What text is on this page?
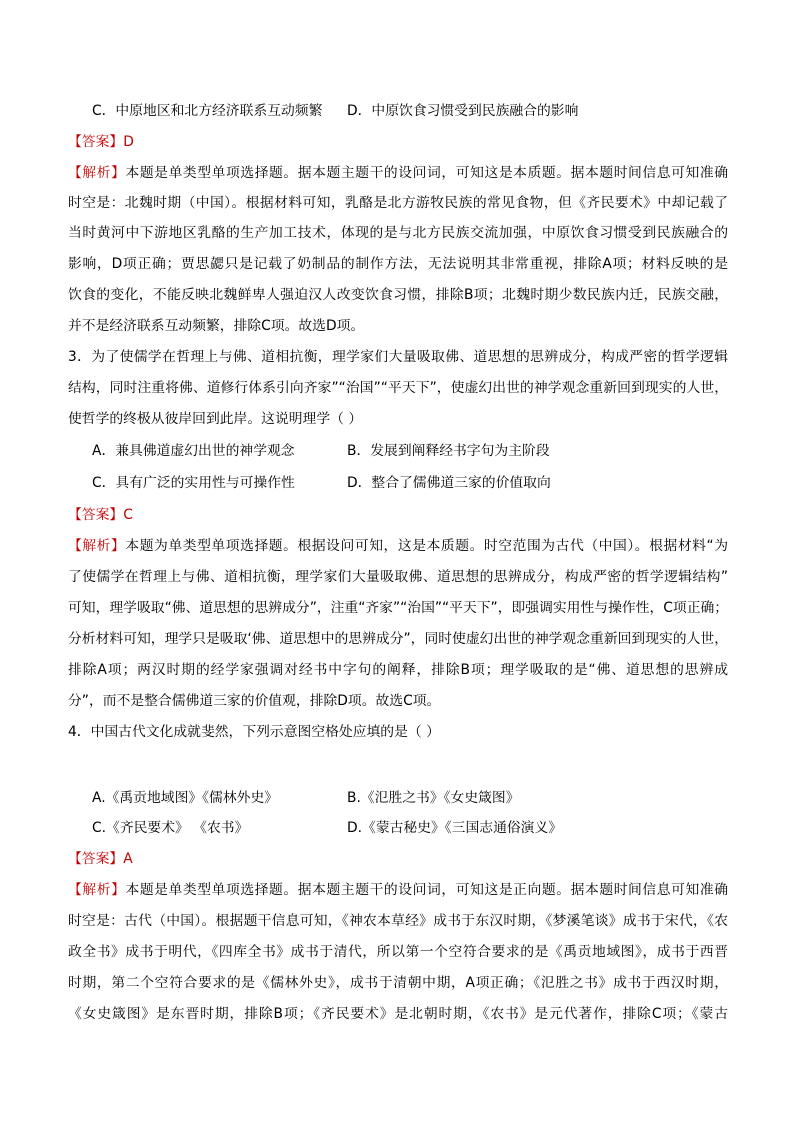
C．中原地区和北方经济联系互动频繁 D．中原饮食习惯受到民族融合的影响
【答案】D
【解析】本题是单类型单项选择题。据本题主题干的设问词，可知这是本质题。据本题时间信息可知准确
时空是：北魏时期（中国）。根据材料可知，乳酪是北方游牧民族的常见食物，但《齐民要术》中却记载了
当时黄河中下游地区乳酪的生产加工技术，体现的是与北方民族交流加强，中原饮食习惯受到民族融合的
影响，D项正确；贾思勰只是记载了奶制品的制作方法，无法说明其非常重视，排除A项；材料反映的是
饮食的变化，不能反映北魏鲜卑人强迫汉人改变饮食习惯，排除B项；北魏时期少数民族内迁，民族交融，
并不是经济联系互动频繁，排除C项。故选D项。
3．为了使儒学在哲理上与佛、道相抗衡，理学家们大量吸取佛、道思想的思辨成分，构成严密的哲学逻辑
结构，同时注重将佛、道修行体系引向齐家”“治国”“平天下”，使虚幻出世的神学观念重新回到现实的人世，
使哲学的终极从彼岸回到此岸。这说明理学（ ）
A．兼具佛道虚幻出世的神学观念	B．发展到阐释经书字句为主阶段
C．具有广泛的实用性与可操作性	D．整合了儒佛道三家的价值取向
【答案】C
【解析】本题为单类型单项选择题。根据设问可知，这是本质题。时空范围为古代（中国）。根据材料“为
了使儒学在哲理上与佛、道相抗衡，理学家们大量吸取佛、道思想的思辨成分，构成严密的哲学逻辑结构”
可知，理学吸取“佛、道思想的思辨成分”，注重“齐家”“治国”“平天下”，即强调实用性与操作性，C项正确；
分析材料可知，理学只是吸取‘佛、道思想中的思辨成分”，同时使虚幻出世的神学观念重新回到现实的人世，
排除A项；两汉时期的经学家强调对经书中字句的阐释，排除B项；理学吸取的是“佛、道思想的思辨成
分”，而不是整合儒佛道三家的价值观，排除D项。故选C项。
4．中国古代文化成就斐然，下列示意图空格处应填的是（ ）
A.《禹贡地域图》《儒林外史》	B.《氾胜之书》《女史箴图》
C.《齐民要术》 《农书》	D.《蒙古秘史》《三国志通俗演义》
【答案】A
【解析】本题是单类型单项选择题。据本题主题干的设问词，可知这是正向题。据本题时间信息可知准确
时空是：古代（中国）。根据题干信息可知，《神农本草经》成书于东汉时期，《梦溪笔谈》成书于宋代，《农
政全书》成书于明代，《四库全书》成书于清代，所以第一个空符合要求的是《禹贡地域图》，成书于西晋
时期，第二个空符合要求的是《儒林外史》，成书于清朝中期，A项正确；《氾胜之书》成书于西汉时期，
《女史箴图》是东晋时期，排除B项；《齐民要术》是北朝时期，《农书》是元代著作，排除C项；《蒙古
